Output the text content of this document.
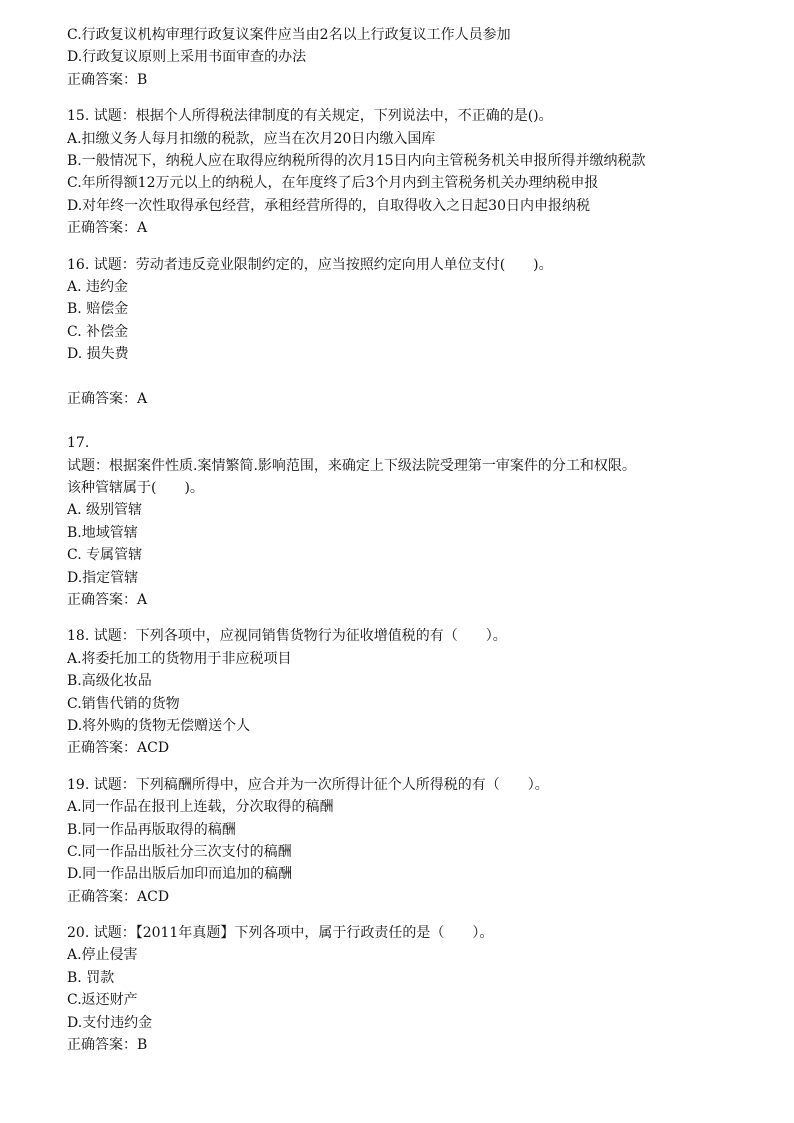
C.行政复议机构审理行政复议案件应当由2名以上行政复议工作人员参加
D.行政复议原则上采用书面审查的办法
正确答案：B
15. 试题：根据个人所得税法律制度的有关规定，下列说法中，不正确的是()。
A.扣缴义务人每月扣缴的税款，应当在次月20日内缴入国库
B.一般情况下，纳税人应在取得应纳税所得的次月15日内向主管税务机关申报所得并缴纳税款
C.年所得额12万元以上的纳税人，在年度终了后3个月内到主管税务机关办理纳税申报
D.对年终一次性取得承包经营，承租经营所得的，自取得收入之日起30日内申报纳税
正确答案：A
16. 试题：劳动者违反竞业限制约定的，应当按照约定向用人单位支付(　　)。
A. 违约金
B. 赔偿金
C. 补偿金
D. 损失费
正确答案：A
17.
试题：根据案件性质.案情繁简.影响范围，来确定上下级法院受理第一审案件的分工和权限。
该种管辖属于(　　)。
A. 级别管辖
B.地域管辖
C. 专属管辖
D.指定管辖
正确答案：A
18. 试题：下列各项中，应视同销售货物行为征收增值税的有（　　）。
A.将委托加工的货物用于非应税项目
B.高级化妆品
C.销售代销的货物
D.将外购的货物无偿赠送个人
正确答案：ACD
19. 试题：下列稿酬所得中，应合并为一次所得计征个人所得税的有（　　）。
A.同一作品在报刊上连载，分次取得的稿酬
B.同一作品再版取得的稿酬
C.同一作品出版社分三次支付的稿酬
D.同一作品出版后加印而追加的稿酬
正确答案：ACD
20. 试题：【2011年真题】下列各项中，属于行政责任的是（　　）。
A.停止侵害
B. 罚款
C.返还财产
D.支付违约金
正确答案：B
